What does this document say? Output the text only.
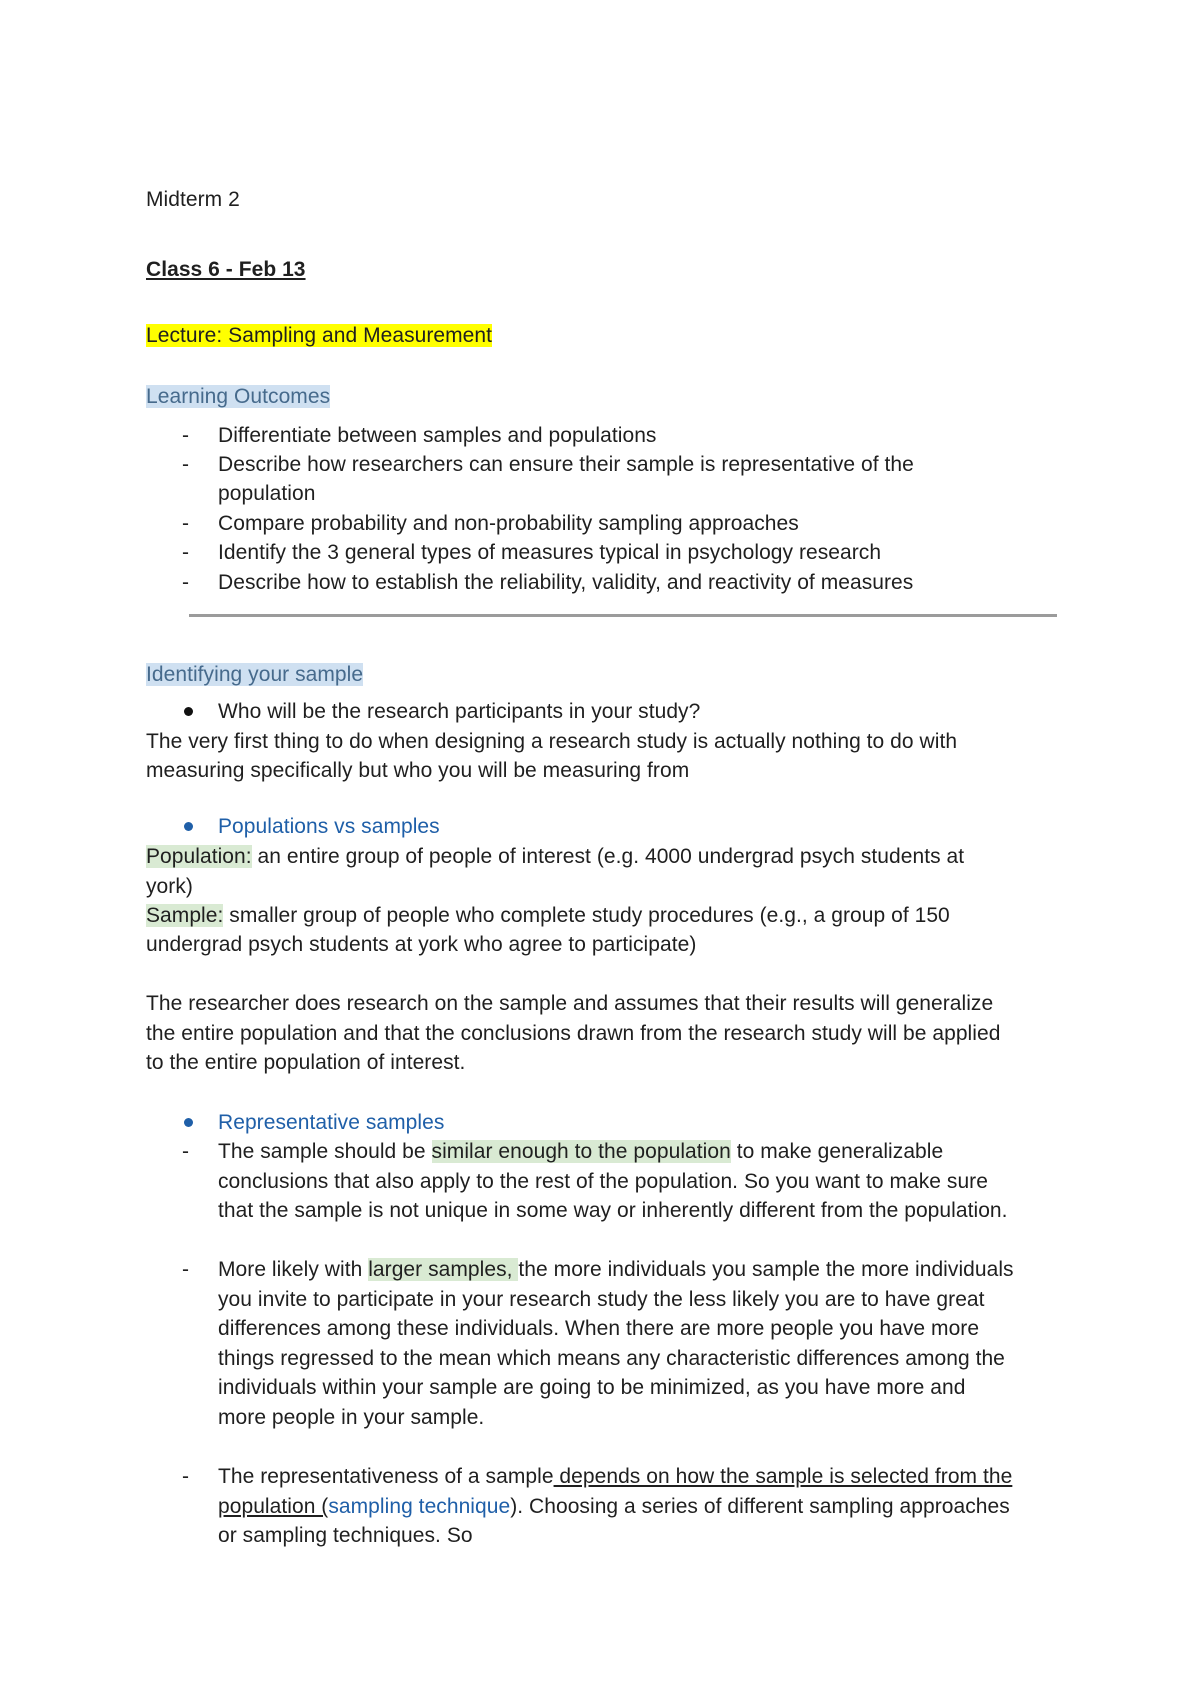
Midterm 2
Class 6 - Feb 13
Lecture: Sampling and Measurement
Learning Outcomes
- Differentiate between samples and populations
- Describe how researchers can ensure their sample is representative of the
population
- Compare probability and non-probability sampling approaches
- Identify the 3 general types of measures typical in psychology research
- Describe how to establish the reliability, validity, and reactivity of measures
Identifying your sample
Who will be the research participants in your study?
The very first thing to do when designing a research study is actually nothing to do with
measuring specifically but who you will be measuring from
Populations vs samples
Population: an entire group of people of interest (e.g. 4000 undergrad psych students at
york)
Sample: smaller group of people who complete study procedures (e.g., a group of 150
undergrad psych students at york who agree to participate)
The researcher does research on the sample and assumes that their results will generalize
the entire population and that the conclusions drawn from the research study will be applied
to the entire population of interest.
Representative samples
- The sample should be similar enough to the population to make generalizable
conclusions that also apply to the rest of the population. So you want to make sure
that the sample is not unique in some way or inherently different from the population.
- More likely with larger samples, the more individuals you sample the more individuals
you invite to participate in your research study the less likely you are to have great
differences among these individuals. When there are more people you have more
things regressed to the mean which means any characteristic differences among the
individuals within your sample are going to be minimized, as you have more and
more people in your sample.
- The representativeness of a sample depends on how the sample is selected from the
population (sampling technique). Choosing a series of different sampling approaches
or sampling techniques. So
